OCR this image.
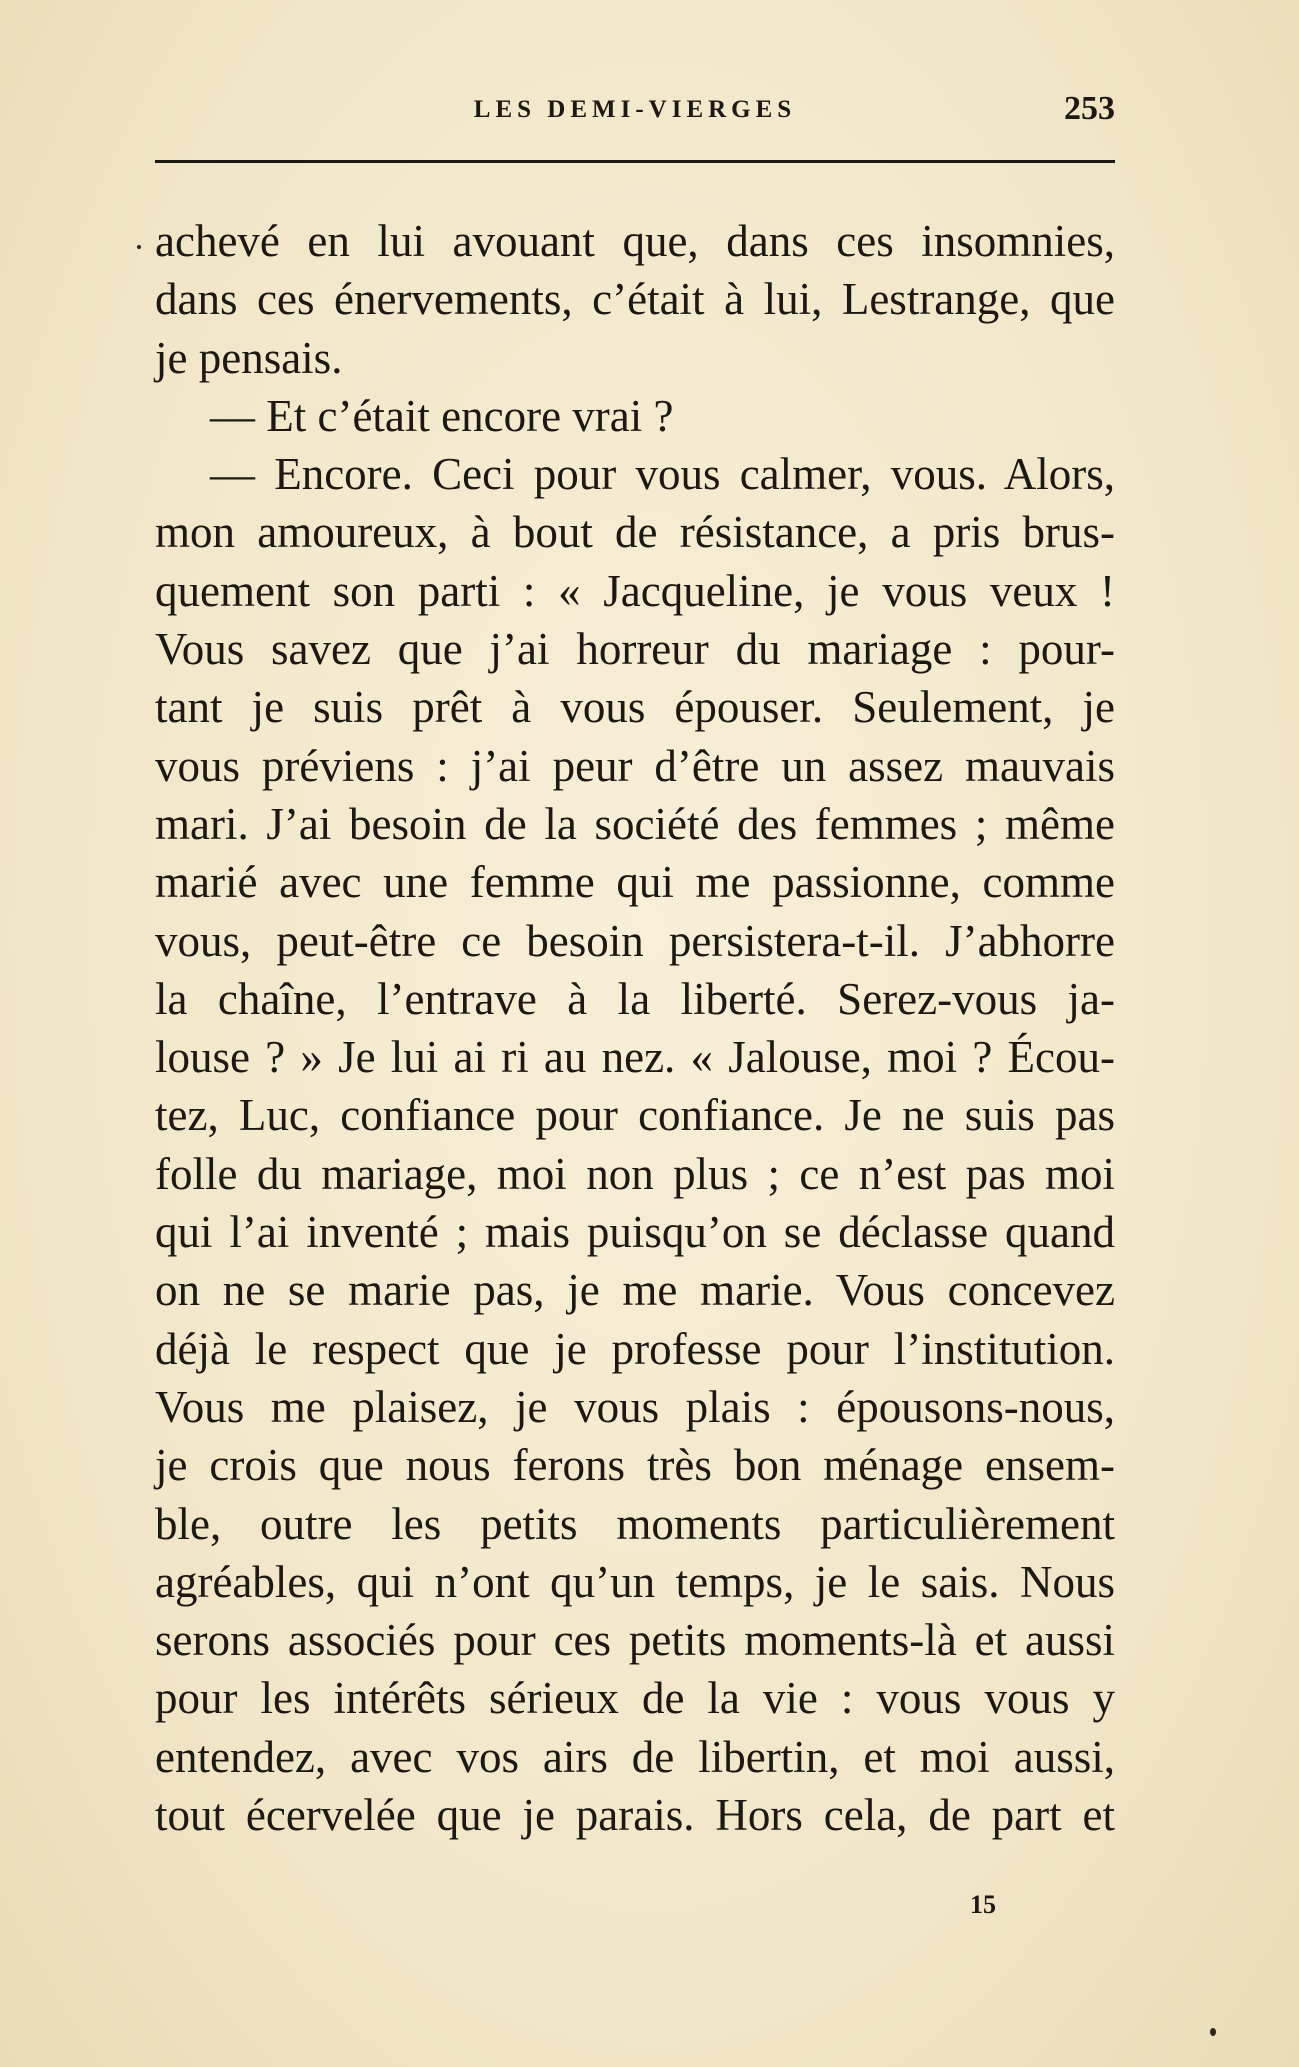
LES DEMI-VIERGES	253
achevé en lui avouant que, dans ces insomnies,
dans ces énervements, c’était à lui, Lestrange, que
je pensais.
— Et c’était encore vrai ?
— Encore. Ceci pour vous calmer, vous. Alors,
mon amoureux, à bout de résistance, a pris brus-
quement son parti : « Jacqueline, je vous veux !
Vous savez que j’ai horreur du mariage : pour-
tant je suis prêt à vous épouser. Seulement, je
vous préviens : j’ai peur d’être un assez mauvais
mari. J’ai besoin de la société des femmes ; même
marié avec une femme qui me passionne, comme
vous, peut-être ce besoin persistera-t-il. J’abhorre
la chaîne, l’entrave à la liberté. Serez-vous ja-
louse ? » Je lui ai ri au nez. « Jalouse, moi ? Écou-
tez, Luc, confiance pour confiance. Je ne suis pas
folle du mariage, moi non plus ; ce n’est pas moi
qui l’ai inventé ; mais puisqu’on se déclasse quand
on ne se marie pas, je me marie. Vous concevez
déjà le respect que je professe pour l’institution.
Vous me plaisez, je vous plais : épousons-nous,
je crois que nous ferons très bon ménage ensem-
ble, outre les petits moments particulièrement
agréables, qui n’ont qu’un temps, je le sais. Nous
serons associés pour ces petits moments-là et aussi
pour les intérêts sérieux de la vie : vous vous y
entendez, avec vos airs de libertin, et moi aussi,
tout écervelée que je parais. Hors cela, de part et
15
